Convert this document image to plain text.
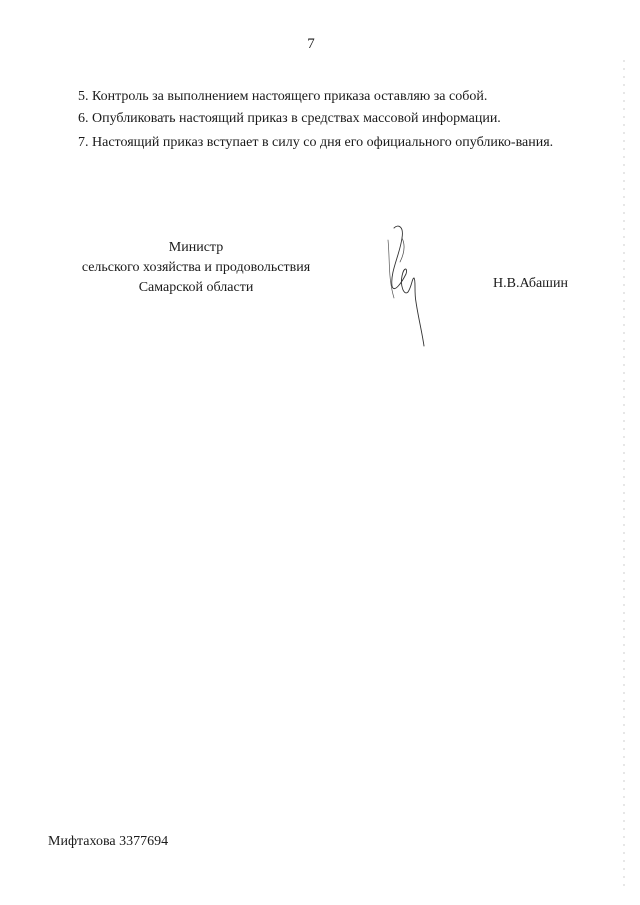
7

5. Контроль за выполнением настоящего приказа оставляю за собой.

6. Опубликовать настоящий приказ в средствах массовой информации.

7. Настоящий приказ вступает в силу со дня его официального опублико-вания.

Министр
сельского хозяйства и продовольствия
Самарской области	Н.В.Абашин
Мифтахова 3377694
